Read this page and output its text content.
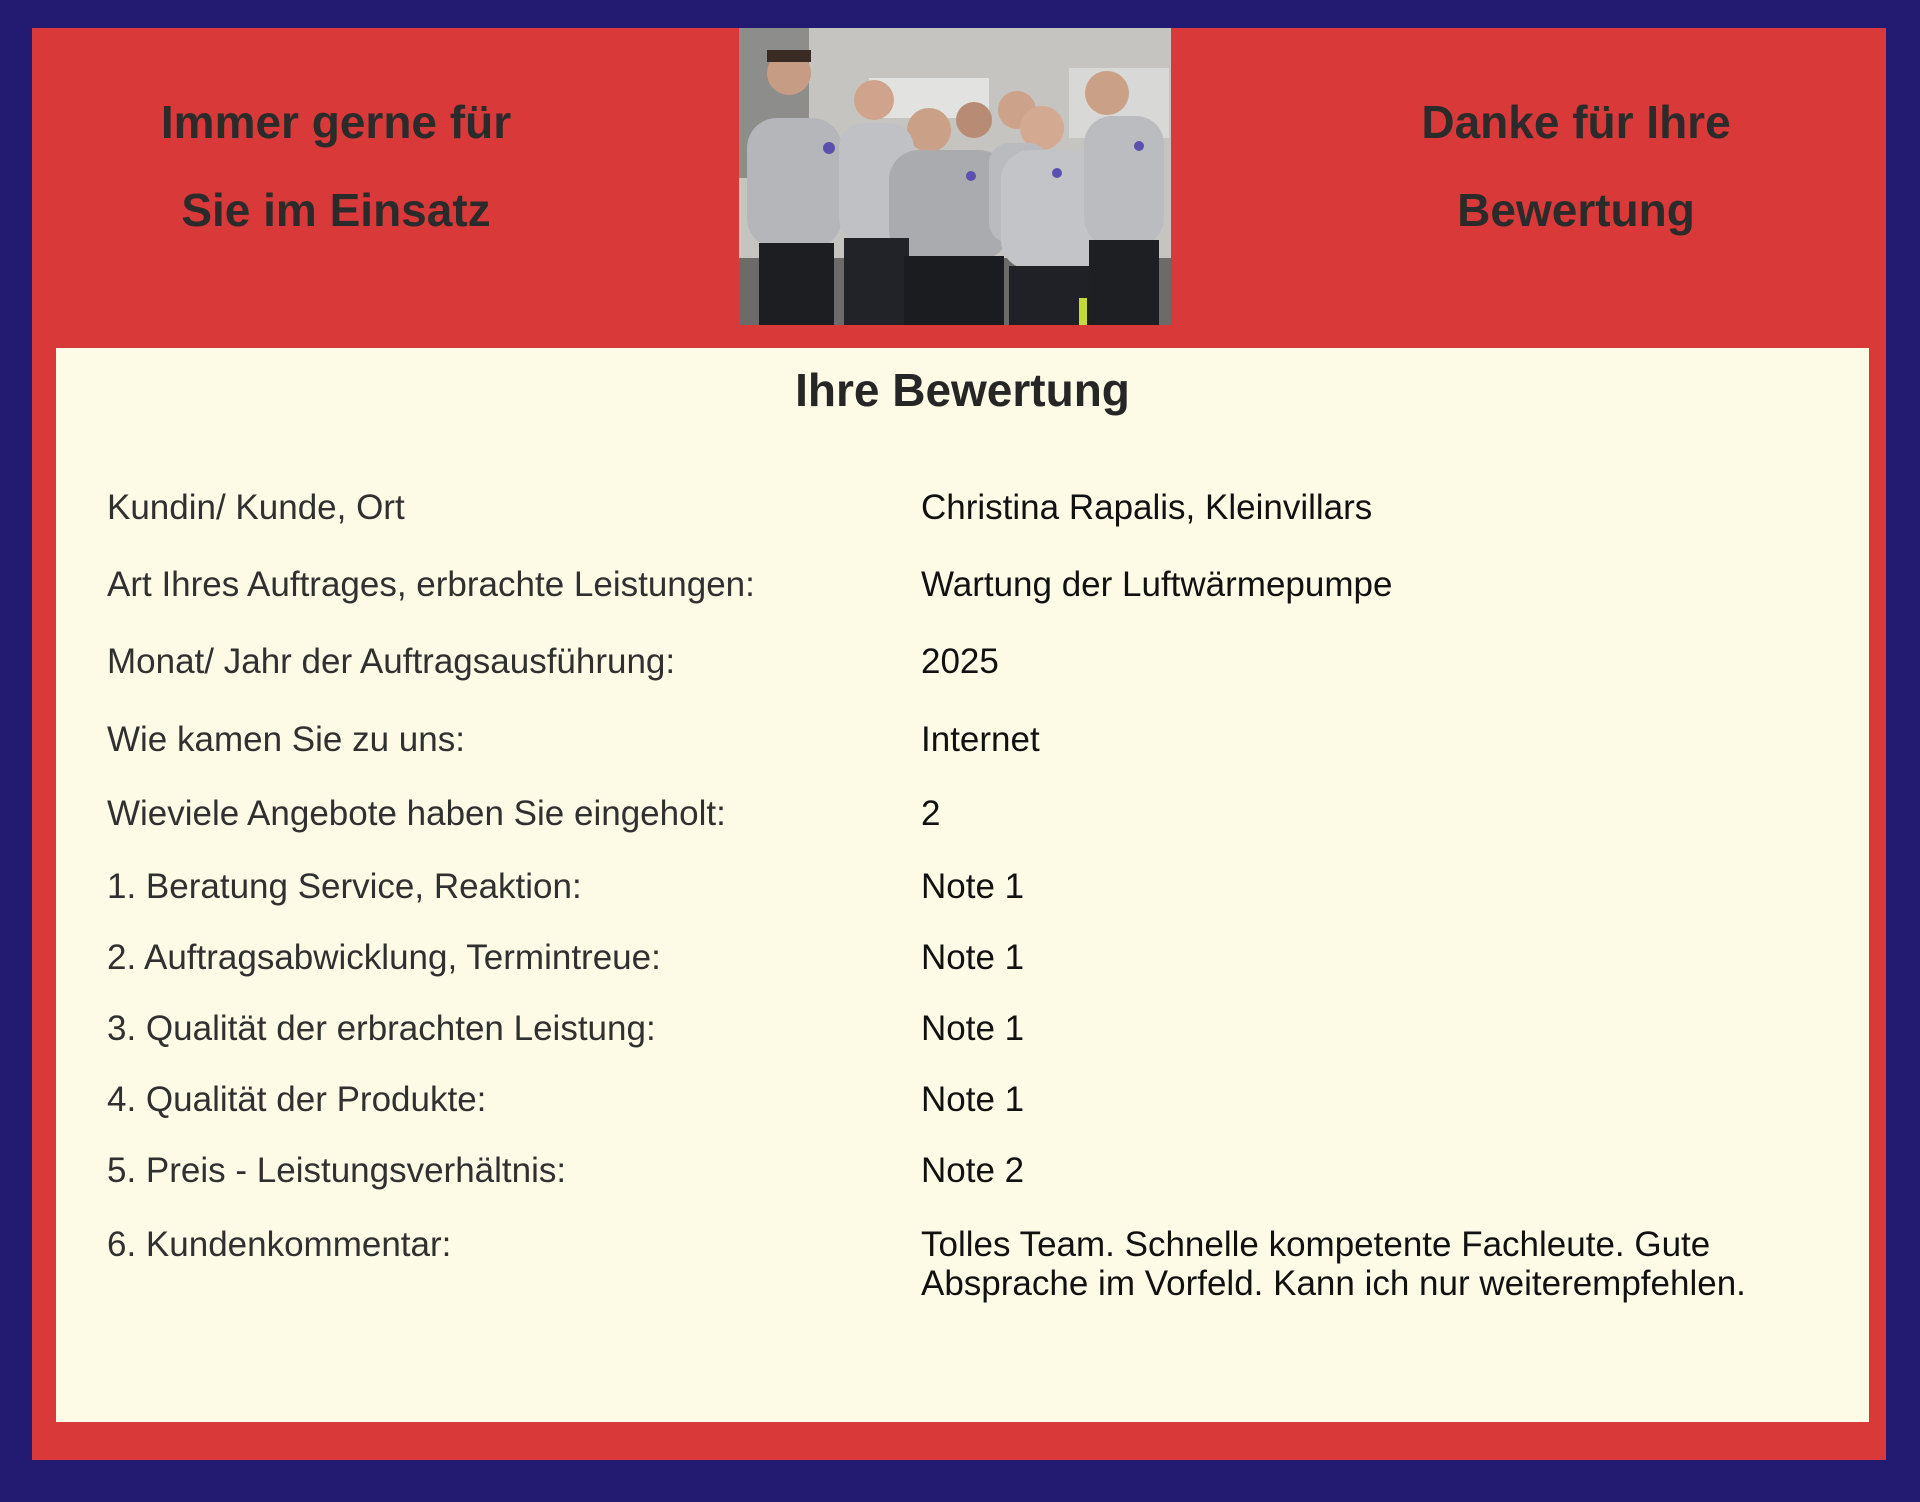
Immer gerne für
Sie im Einsatz
Danke für Ihre
Bewertung
Ihre Bewertung
Kundin/ Kunde, Ort	Christina Rapalis, Kleinvillars
Art Ihres Auftrages, erbrachte Leistungen:	Wartung der Luftwärmepumpe
Monat/ Jahr der Auftragsausführung:	2025
Wie kamen Sie zu uns:	Internet
Wieviele Angebote haben Sie eingeholt:	2
1. Beratung Service, Reaktion:	Note 1
2. Auftragsabwicklung, Termintreue:	Note 1
3. Qualität der erbrachten Leistung:	Note 1
4. Qualität der Produkte:	Note 1
5. Preis - Leistungsverhältnis:	Note 2
6. Kundenkommentar:	Tolles Team. Schnelle kompetente Fachleute. Gute Absprache im Vorfeld. Kann ich nur weiterempfehlen.
